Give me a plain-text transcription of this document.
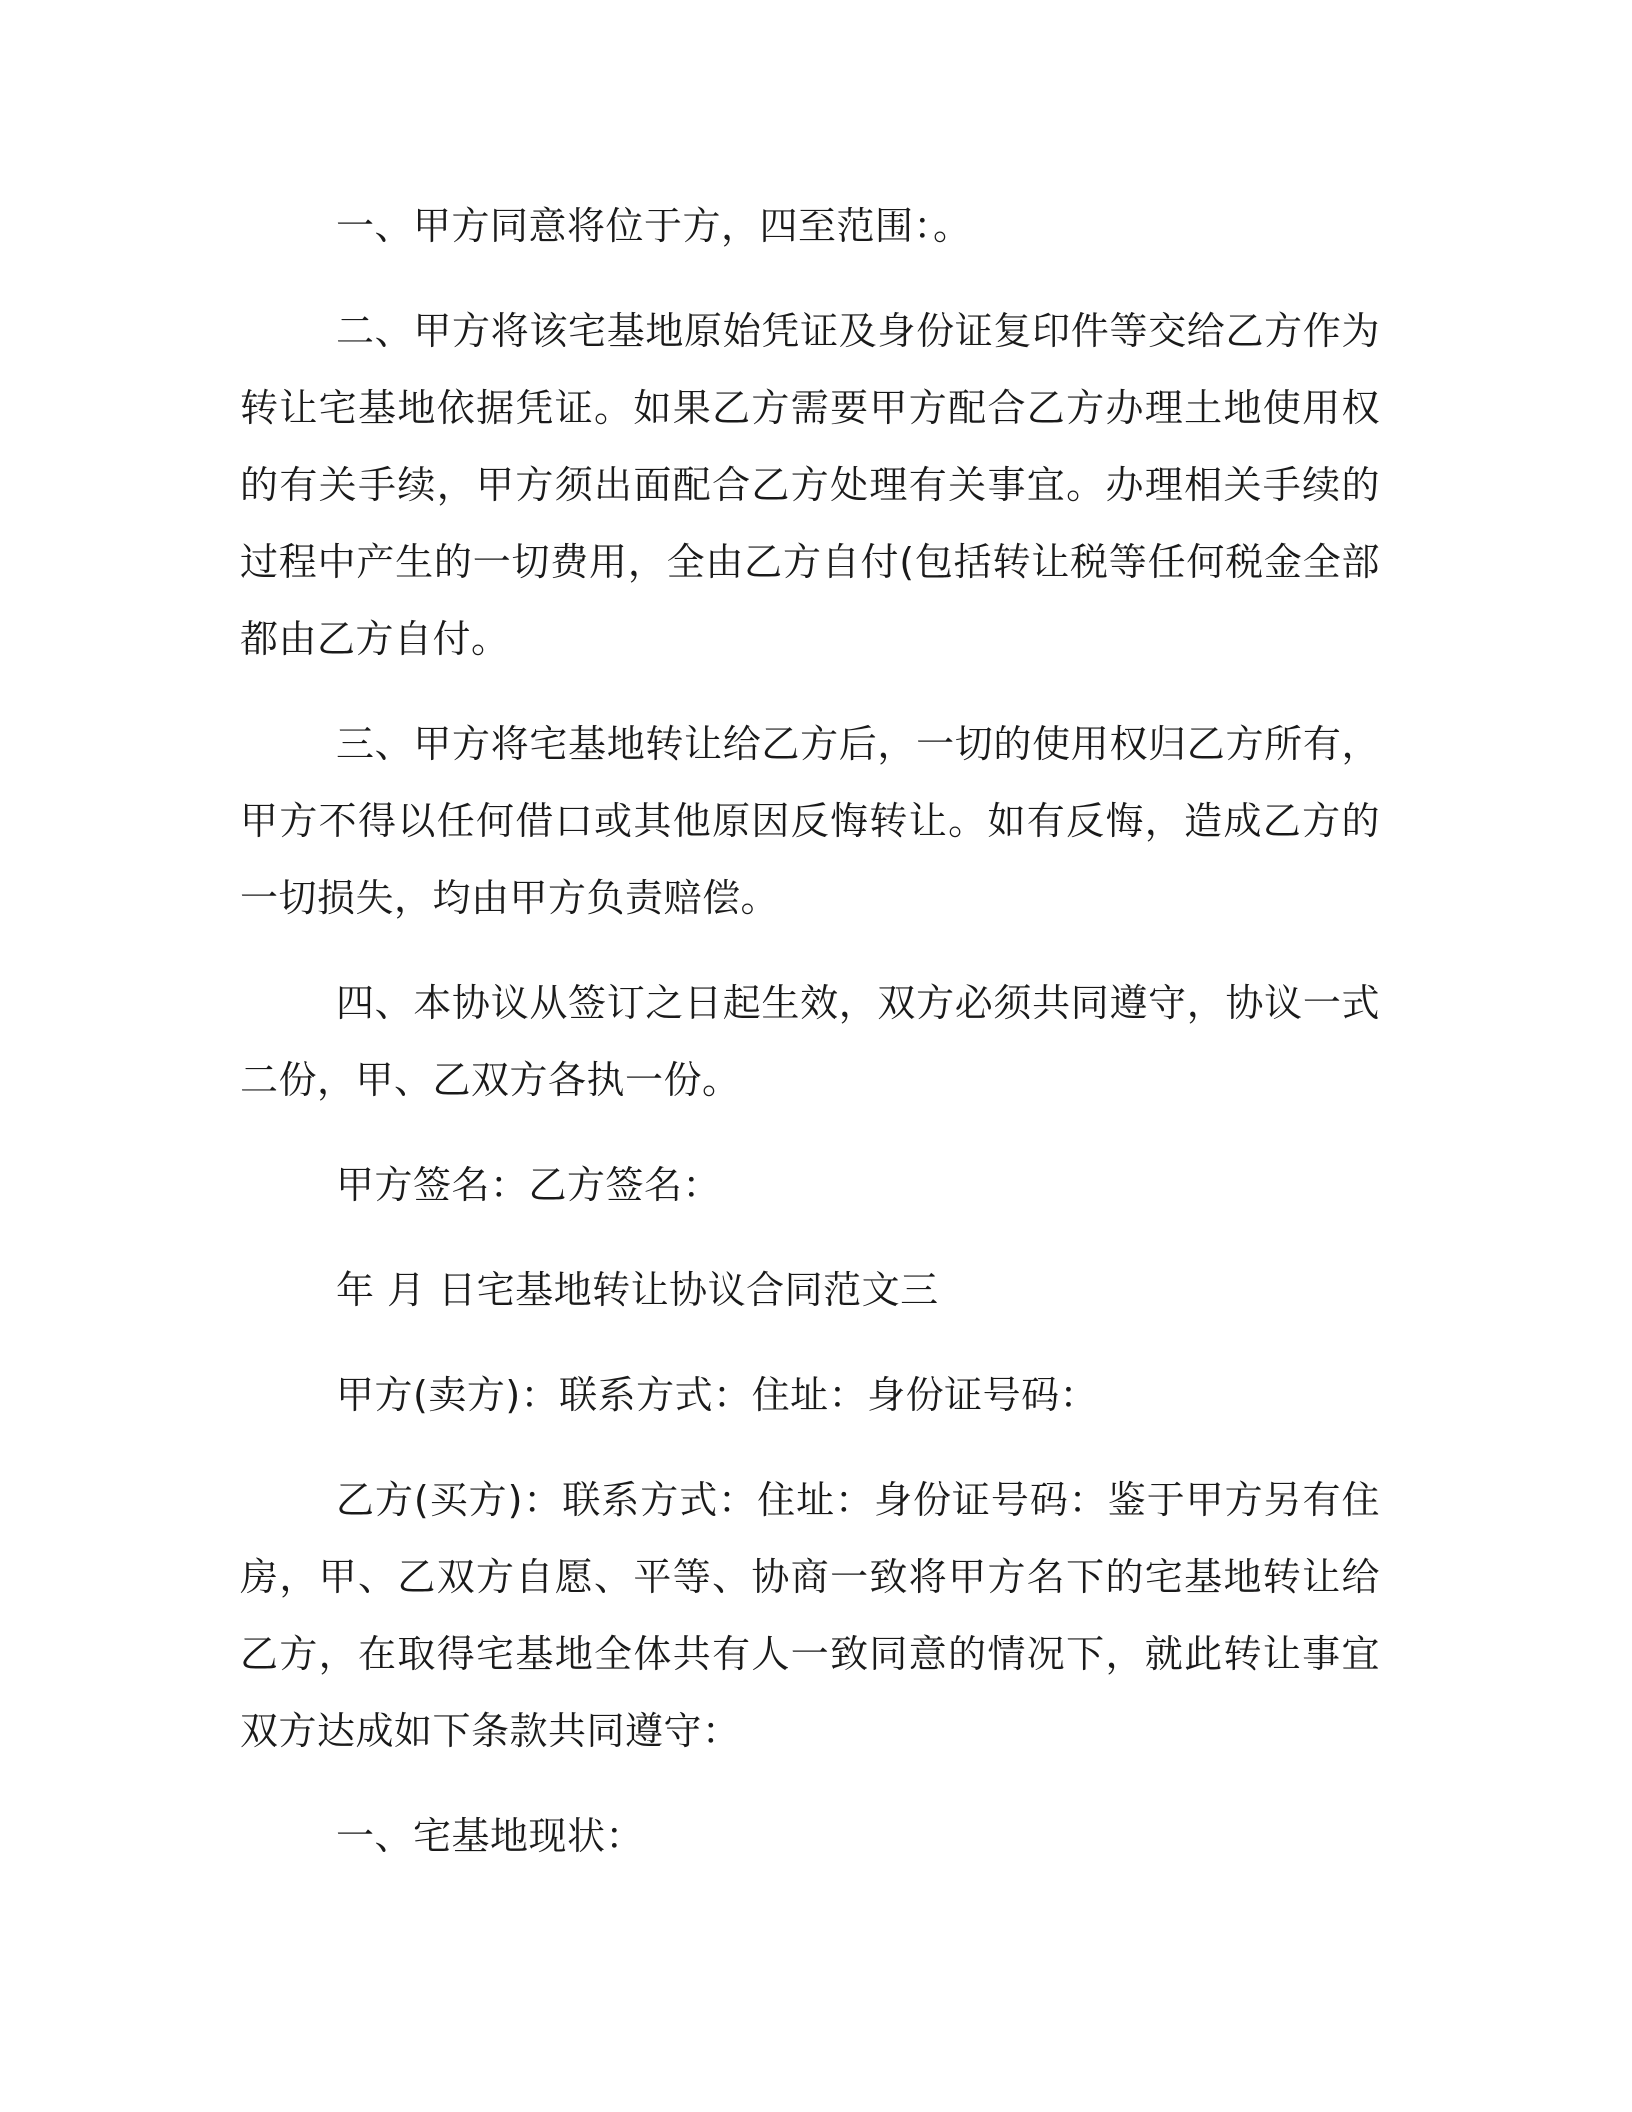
一、甲方同意将位于方，四至范围：。

二、甲方将该宅基地原始凭证及身份证复印件等交给乙方作为转让宅基地依据凭证。如果乙方需要甲方配合乙方办理土地使用权的有关手续，甲方须出面配合乙方处理有关事宜。办理相关手续的过程中产生的一切费用，全由乙方自付(包括转让税等任何税金全部都由乙方自付。

三、甲方将宅基地转让给乙方后，一切的使用权归乙方所有，甲方不得以任何借口或其他原因反悔转让。如有反悔，造成乙方的一切损失，均由甲方负责赔偿。

四、本协议从签订之日起生效，双方必须共同遵守，协议一式二份，甲、乙双方各执一份。

甲方签名：乙方签名：

年 月 日宅基地转让协议合同范文三

甲方(卖方)：联系方式：住址：身份证号码：

乙方(买方)：联系方式：住址：身份证号码：鉴于甲方另有住房，甲、乙双方自愿、平等、协商一致将甲方名下的宅基地转让给乙方，在取得宅基地全体共有人一致同意的情况下，就此转让事宜双方达成如下条款共同遵守：

一、宅基地现状：
